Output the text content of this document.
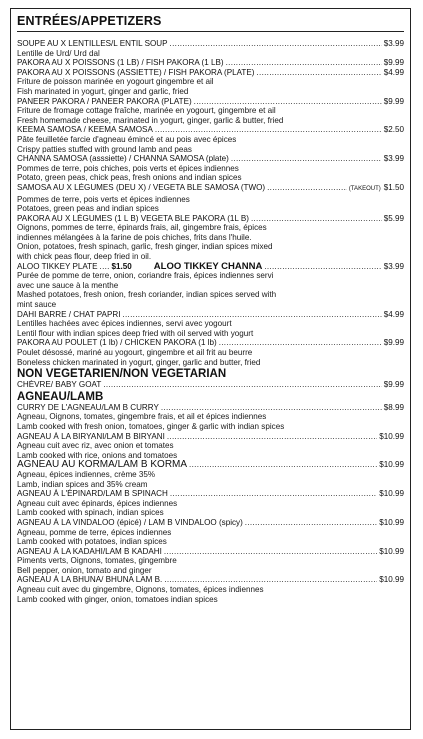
ENTRÉES/APPETIZERS
SOUPE AU X LENTILLES/L ENTIL SOUP .....	$3.99
Lentille de Urd/ Urd dal
PAKORA AU X POISSONS (1 LB) / FISH PAKORA (1 LB) .....	$9.99
PAKORA AU X POISSONS (ASSIETTE) / FISH PAKORA (PLATE) .....	$4.99
Friture de poisson marinée en yogourt gingembre et ail
Fish marinated in yogurt, ginger and garlic, fried
PANEER PAKORA / PANEER PAKORA (PLATE) .....	$9.99
Friture de fromage cottage fraîche, marinée en yogourt, gingembre et ail
Fresh homemade cheese, marinated in yogurt, ginger, garlic & butter, fried
KEEMA SAMOSA / KEEMA SAMOSA .....	$2.50
Pâte feuilletée farcie d'agneau émincé et au pois avec épices
Crispy patties stuffed with ground lamb and peas
CHANNA SAMOSA (asssiette) / CHANNA SAMOSA (plate) .....	$3.99
Pommes de terre, pois chiches, pois verts et épices indiennes
Potato, green peas, chick peas, fresh onions and indian spices
SAMOSA AU X LÉGUMES (DEU X) / VEGETA BLE SAMOSA (TWO) .....	(TAKEOUT) $1.50
Pommes de terre, pois verts et épices indiennes
Potatoes, green peas and indian spices
PAKORA AU X LÉGUMES (1 L B) VEGETA BLE PAKORA (1L B) .....	$5.99
Oignons, pommes de terre, épinards frais, ail, gingembre frais, épices
indiennes mélangées à la farine de pois chiches, frits dans l'huile.
Onion, potatoes, fresh spinach, garlic, fresh ginger, indian spices mixed
with chick peas flour, deep fried in oil.
ALOO TIKKEY PLATE ..... $1.50 ALOO TIKKEY CHANNA .....	$3.99
Purée de pomme de terre, onion, coriandre frais, épices indiennes servi
avec une sauce à la menthe
Mashed potatoes, fresh onion, fresh coriander, indian spices served with
mint sauce
DAHI BARRE / CHAT PAPRI .....	$4.99
Lentilles hachées avec épices indiennes, servi avec yogourt
Lentil flour with indian spices deep fried with oil served with yogurt
PAKORA AU POULET (1 lb) / CHICKEN PAKORA (1 lb) .....	$9.99
Poulet désossé, mariné au yogourt, gingembre et ail frit au beurre
Boneless chicken marinated in yogurt, ginger, garlic and butter, fried
NON VÉGÉTARIEN/NON VEGETARIAN
CHÈVRE/ BABY GOAT .....	$9.99
AGNEAU/LAMB
CURRY DE L'AGNEAU/LAM B CURRY .....	$8.99
Agneau, Oignons, tomates, gingembre frais, et ail et épices indiennes
Lamb cooked with fresh onion, tomatoes, ginger & garlic with indian spices
AGNEAU À LA BIRYANI/LAM B BIRYANI .....	$10.99
Agneau cuit avec riz, avec onion et tomates
Lamb cooked with rice, onions and tomatoes
AGNEAU AU KORMA/LAM B KORMA .....	$10.99
Agneau, épices indiennes, crème 35%
Lamb, indian spices and 35% cream
AGNEAU À L'ÉPINARD/LAM B SPINACH .....	$10.99
Agneau cuit avec épinards, épices indiennes
Lamb cooked with spinach, indian spices
AGNEAU À LA VINDALOO (épicé) / LAM B VINDALOO (spicy) .....	$10.99
Agneau, pomme de terre, épices indiennes
Lamb cooked with potatoes, indian spices
AGNEAU À LA KADAHI/LAM B KADAHI .....	$10.99
Piments verts, Oignons, tomates, gingembre
Bell pepper, onion, tomato and ginger
AGNEAU À LA BHUNA/ BHUNA LAM B. .....	$10.99
Agneau cuit avec du gingembre, Oignons, tomates, épices indiennes
Lamb cooked with ginger, onion, tomatoes indian spices
